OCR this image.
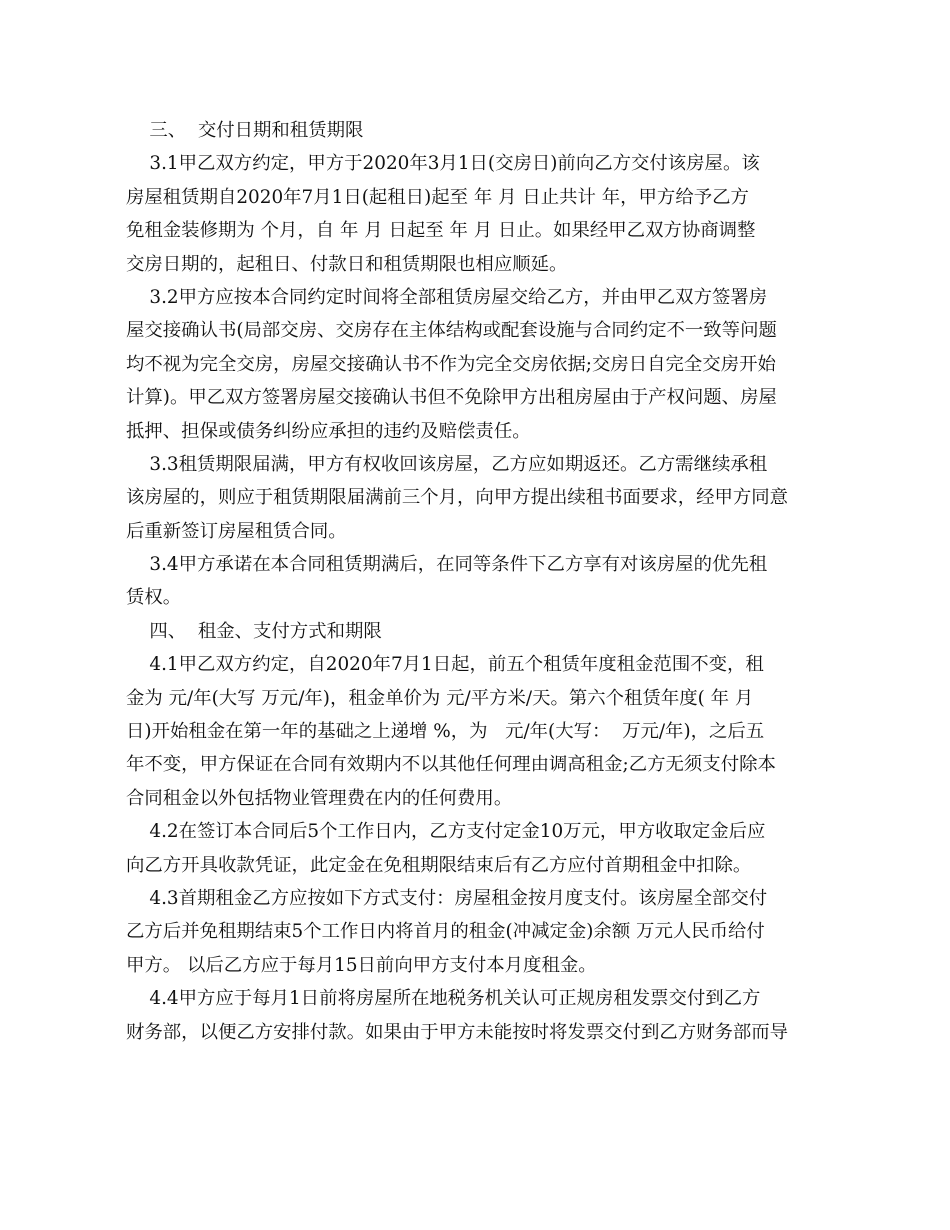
三、  交付日期和租赁期限
3.1甲乙双方约定，甲方于2020年3月1日(交房日)前向乙方交付该房屋。该
房屋租赁期自2020年7月1日(起租日)起至 年 月 日止共计 年，甲方给予乙方
免租金装修期为 个月，自 年 月 日起至 年 月 日止。如果经甲乙双方协商调整
交房日期的，起租日、付款日和租赁期限也相应顺延。
3.2甲方应按本合同约定时间将全部租赁房屋交给乙方，并由甲乙双方签署房
屋交接确认书(局部交房、交房存在主体结构或配套设施与合同约定不一致等问题
均不视为完全交房，房屋交接确认书不作为完全交房依据;交房日自完全交房开始
计算)。甲乙双方签署房屋交接确认书但不免除甲方出租房屋由于产权问题、房屋
抵押、担保或债务纠纷应承担的违约及赔偿责任。
3.3租赁期限届满，甲方有权收回该房屋，乙方应如期返还。乙方需继续承租
该房屋的，则应于租赁期限届满前三个月，向甲方提出续租书面要求，经甲方同意
后重新签订房屋租赁合同。
3.4甲方承诺在本合同租赁期满后，在同等条件下乙方享有对该房屋的优先租
赁权。
四、  租金、支付方式和期限
4.1甲乙双方约定，自2020年7月1日起，前五个租赁年度租金范围不变，租
金为 元/年(大写 万元/年)，租金单价为 元/平方米/天。第六个租赁年度( 年 月
日)开始租金在第一年的基础之上递增 %，为   元/年(大写：  万元/年)，之后五
年不变，甲方保证在合同有效期内不以其他任何理由调高租金;乙方无须支付除本
合同租金以外包括物业管理费在内的任何费用。
4.2在签订本合同后5个工作日内，乙方支付定金10万元，甲方收取定金后应
向乙方开具收款凭证，此定金在免租期限结束后有乙方应付首期租金中扣除。
4.3首期租金乙方应按如下方式支付：房屋租金按月度支付。该房屋全部交付
乙方后并免租期结束5个工作日内将首月的租金(冲减定金)余额 万元人民币给付
甲方。 以后乙方应于每月15日前向甲方支付本月度租金。
4.4甲方应于每月1日前将房屋所在地税务机关认可正规房租发票交付到乙方
财务部，以便乙方安排付款。如果由于甲方未能按时将发票交付到乙方财务部而导
